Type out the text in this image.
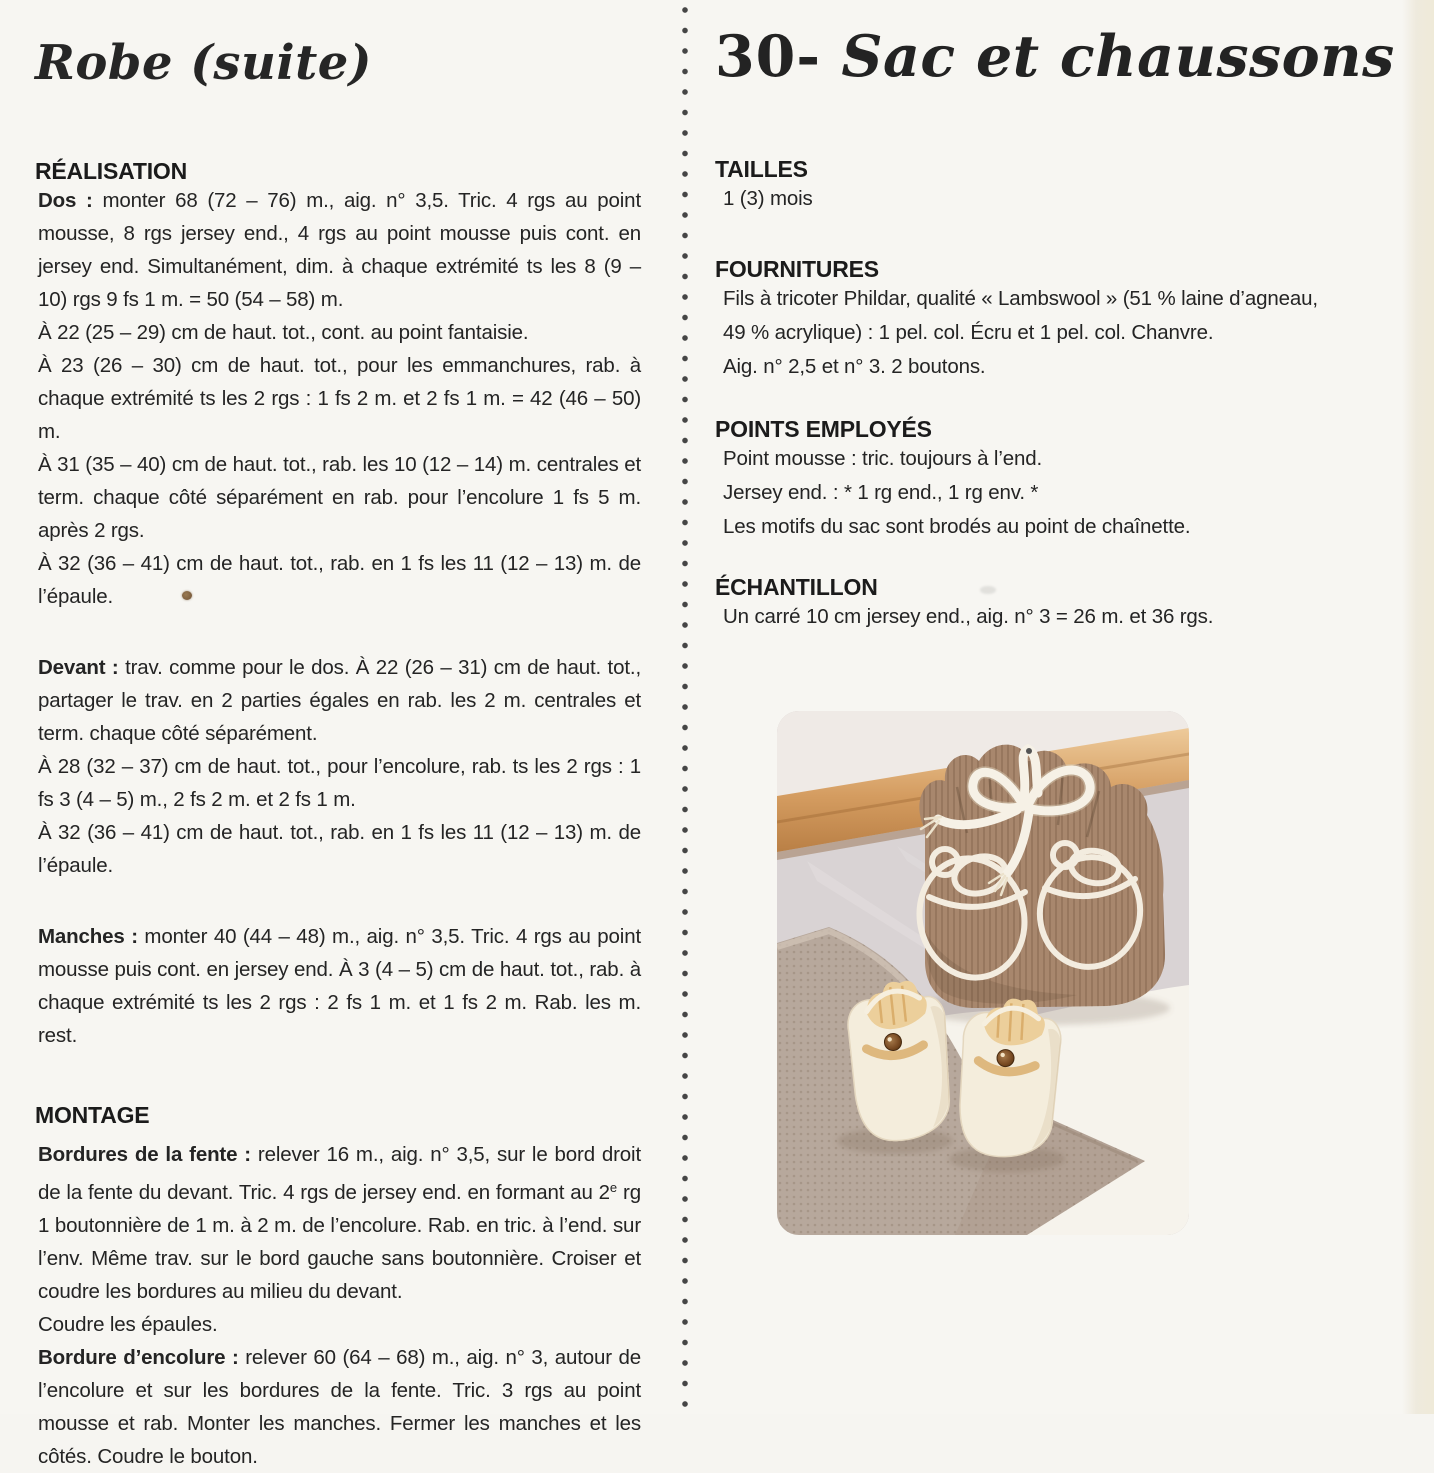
Robe (suite)
RÉALISATION

Dos : monter 68 (72 – 76) m., aig. n° 3,5. Tric. 4 rgs au point mousse, 8 rgs jersey end., 4 rgs au point mousse puis cont. en jersey end. Simultanément, dim. à chaque extrémité ts les 8 (9 – 10) rgs 9 fs 1 m. = 50 (54 – 58) m.

À 22 (25 – 29) cm de haut. tot., cont. au point fantaisie.

À 23 (26 – 30) cm de haut. tot., pour les emmanchures, rab. à chaque extrémité ts les 2 rgs : 1 fs 2 m. et 2 fs 1 m. = 42 (46 – 50) m.

À 31 (35 – 40) cm de haut. tot., rab. les 10 (12 – 14) m. centrales et term. chaque côté séparément en rab. pour l’encolure 1 fs 5 m. après 2 rgs.

À 32 (36 – 41) cm de haut. tot., rab. en 1 fs les 11 (12 – 13) m. de l’épaule.

Devant : trav. comme pour le dos. À 22 (26 – 31) cm de haut. tot., partager le trav. en 2 parties égales en rab. les 2 m. centrales et term. chaque côté séparément.

À 28 (32 – 37) cm de haut. tot., pour l’encolure, rab. ts les 2 rgs : 1 fs 3 (4 – 5) m., 2 fs 2 m. et 2 fs 1 m.

À 32 (36 – 41) cm de haut. tot., rab. en 1 fs les 11 (12 – 13) m. de l’épaule.

Manches : monter 40 (44 – 48) m., aig. n° 3,5. Tric. 4 rgs au point mousse puis cont. en jersey end. À 3 (4 – 5) cm de haut. tot., rab. à chaque extrémité ts les 2 rgs : 2 fs 1 m. et 1 fs 2 m. Rab. les m. rest.

MONTAGE

Bordures de la fente : relever 16 m., aig. n° 3,5, sur le bord droit de la fente du devant. Tric. 4 rgs de jersey end. en formant au 2e rg 1 boutonnière de 1 m. à 2 m. de l’encolure. Rab. en tric. à l’end. sur l’env. Même trav. sur le bord gauche sans boutonnière. Croiser et coudre les bordures au milieu du devant.

Coudre les épaules.

Bordure d’encolure : relever 60 (64 – 68) m., aig. n° 3, autour de l’encolure et sur les bordures de la fente. Tric. 3 rgs au point mousse et rab. Monter les manches. Fermer les manches et les côtés. Coudre le bouton.

30- Sac et chaussons
TAILLES

1 (3) mois

FOURNITURES

Fils à tricoter Phildar, qualité « Lambswool » (51 % laine d’agneau,

49 % acrylique) : 1 pel. col. Écru et 1 pel. col. Chanvre.

Aig. n° 2,5 et n° 3. 2 boutons.

POINTS EMPLOYÉS

Point mousse : tric. toujours à l’end.

Jersey end. : * 1 rg end., 1 rg env. *

Les motifs du sac sont brodés au point de chaînette.

ÉCHANTILLON

Un carré 10 cm jersey end., aig. n° 3 = 26 m. et 36 rgs.
